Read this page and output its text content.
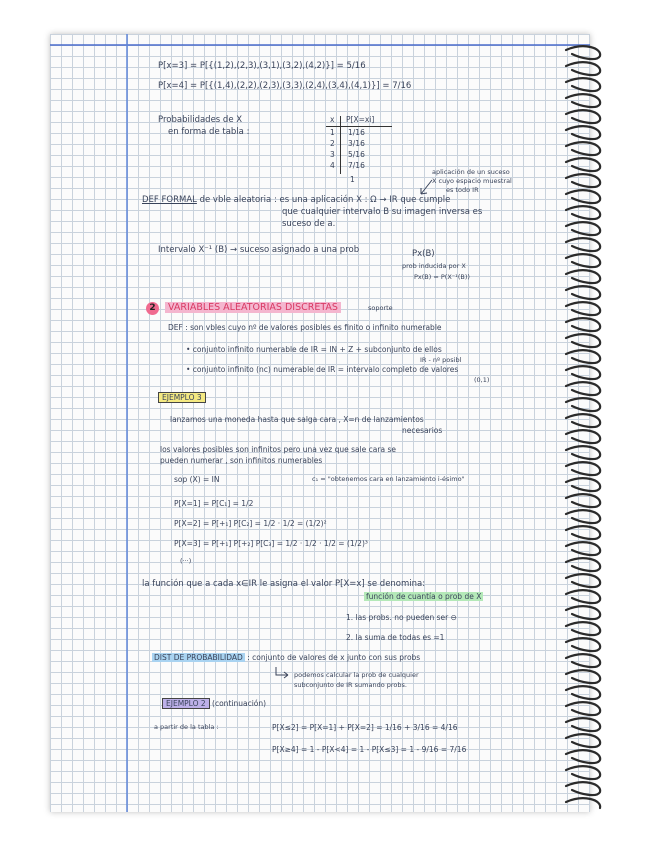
P[x=3] = P[{(1,2),(2,3),(3,1),(3,2),(4,2)}] = 5/16
P[x=4] = P[{(1,4),(2,2),(2,3),(3,3),(2,4),(3,4),(4,1)}] = 7/16
Probabilidades de X
en forma de tabla :
x P[X=xi]
1 1/16
2 3/16
3 5/16
4 7/16
1
aplicación de un suceso
X cuyo espacio muestral
es todo IR
DEF FORMAL de vble aleatoria : es una aplicación X : Ω → IR que cumple
que cualquier intervalo B su imagen inversa es
suceso de a.
Intervalo X⁻¹ (B) → suceso asignado a una prob	Px(B)
prob inducida por X
Px(B) = P(X⁻¹(B))
2 VARIABLES ALEATORIAS DISCRETAS	soporte
DEF : son vbles cuyo nº de valores posibles es finito o infinito numerable
• conjunto infinito numerable de IR = IN + Z + subconjunto de ellos
IR - nº posibl
• conjunto infinito (nc) numerable de IR = intervalo completo de valores
(0,1)
EJEMPLO 3
lanzamos una moneda hasta que salga cara , X=n de lanzamientos
necesarios
los valores posibles son infinitos pero una vez que sale cara se
pueden numerar , son infinitos numerables
sop (X) = IN	c₁ = "obtenemos cara en lanzamiento i-ésimo"
P[X=1] = P[C₁] = 1/2
P[X=2] = P[+₁] P[C₂] = 1/2 · 1/2 = (1/2)²
P[X=3] = P[+₁] P[+₂] P[C₃] = 1/2 · 1/2 · 1/2 = (1/2)³
(···)
la función que a cada x∈IR le asigna el valor P[X=x] se denomina:
función de cuantía o prob de X
1. las probs. no pueden ser ⊖
2. la suma de todas es =1
DIST DE PROBABILIDAD : conjunto de valores de x junto con sus probs
podemos calcular la prob de cualquier
subconjunto de IR sumando probs.
EJEMPLO 2 (continuación)
a partir de la tabla :	P[X≤2] = P[X=1] + P[X=2] = 1/16 + 3/16 = 4/16
P[X≥4] = 1 - P[X<4] = 1 - P[X≤3] = 1 - 9/16 = 7/16
